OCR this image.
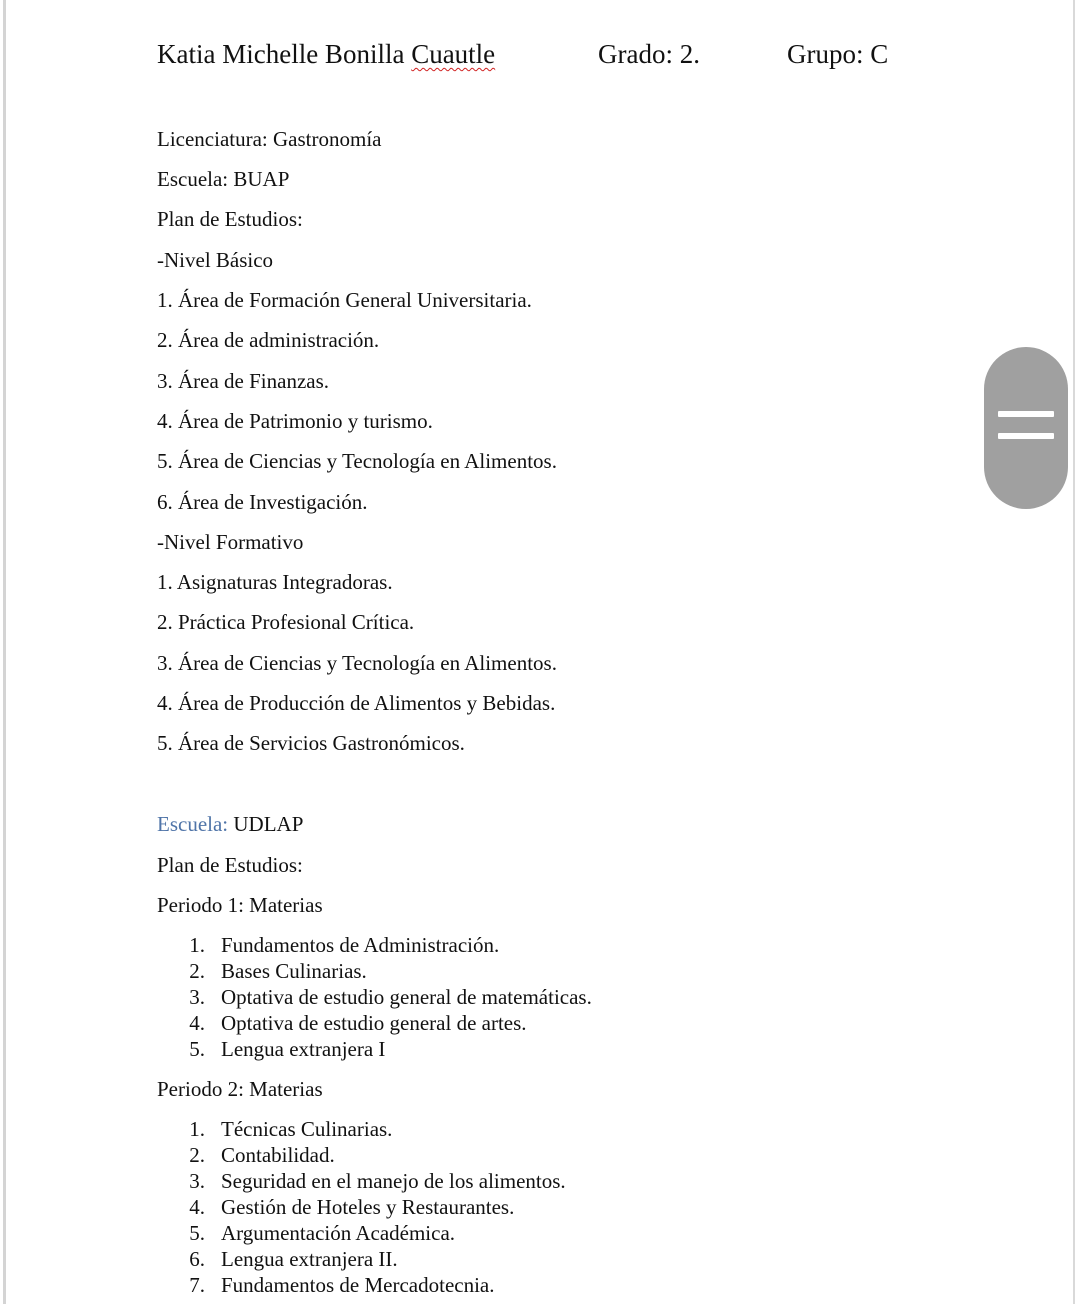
Katia Michelle Bonilla Cuautle	Grado: 2.	Grupo: C
Licenciatura: Gastronomía
Escuela: BUAP
Plan de Estudios:
-Nivel Básico
1. Área de Formación General Universitaria.
2. Área de administración.
3. Área de Finanzas.
4. Área de Patrimonio y turismo.
5. Área de Ciencias y Tecnología en Alimentos.
6. Área de Investigación.
-Nivel Formativo
1. Asignaturas Integradoras.
2. Práctica Profesional Crítica.
3. Área de Ciencias y Tecnología en Alimentos.
4. Área de Producción de Alimentos y Bebidas.
5. Área de Servicios Gastronómicos.
Escuela: UDLAP
Plan de Estudios:
Periodo 1: Materias
1. Fundamentos de Administración.
2. Bases Culinarias.
3. Optativa de estudio general de matemáticas.
4. Optativa de estudio general de artes.
5. Lengua extranjera I
Periodo 2: Materias
1. Técnicas Culinarias.
2. Contabilidad.
3. Seguridad en el manejo de los alimentos.
4. Gestión de Hoteles y Restaurantes.
5. Argumentación Académica.
6. Lengua extranjera II.
7. Fundamentos de Mercadotecnia.
